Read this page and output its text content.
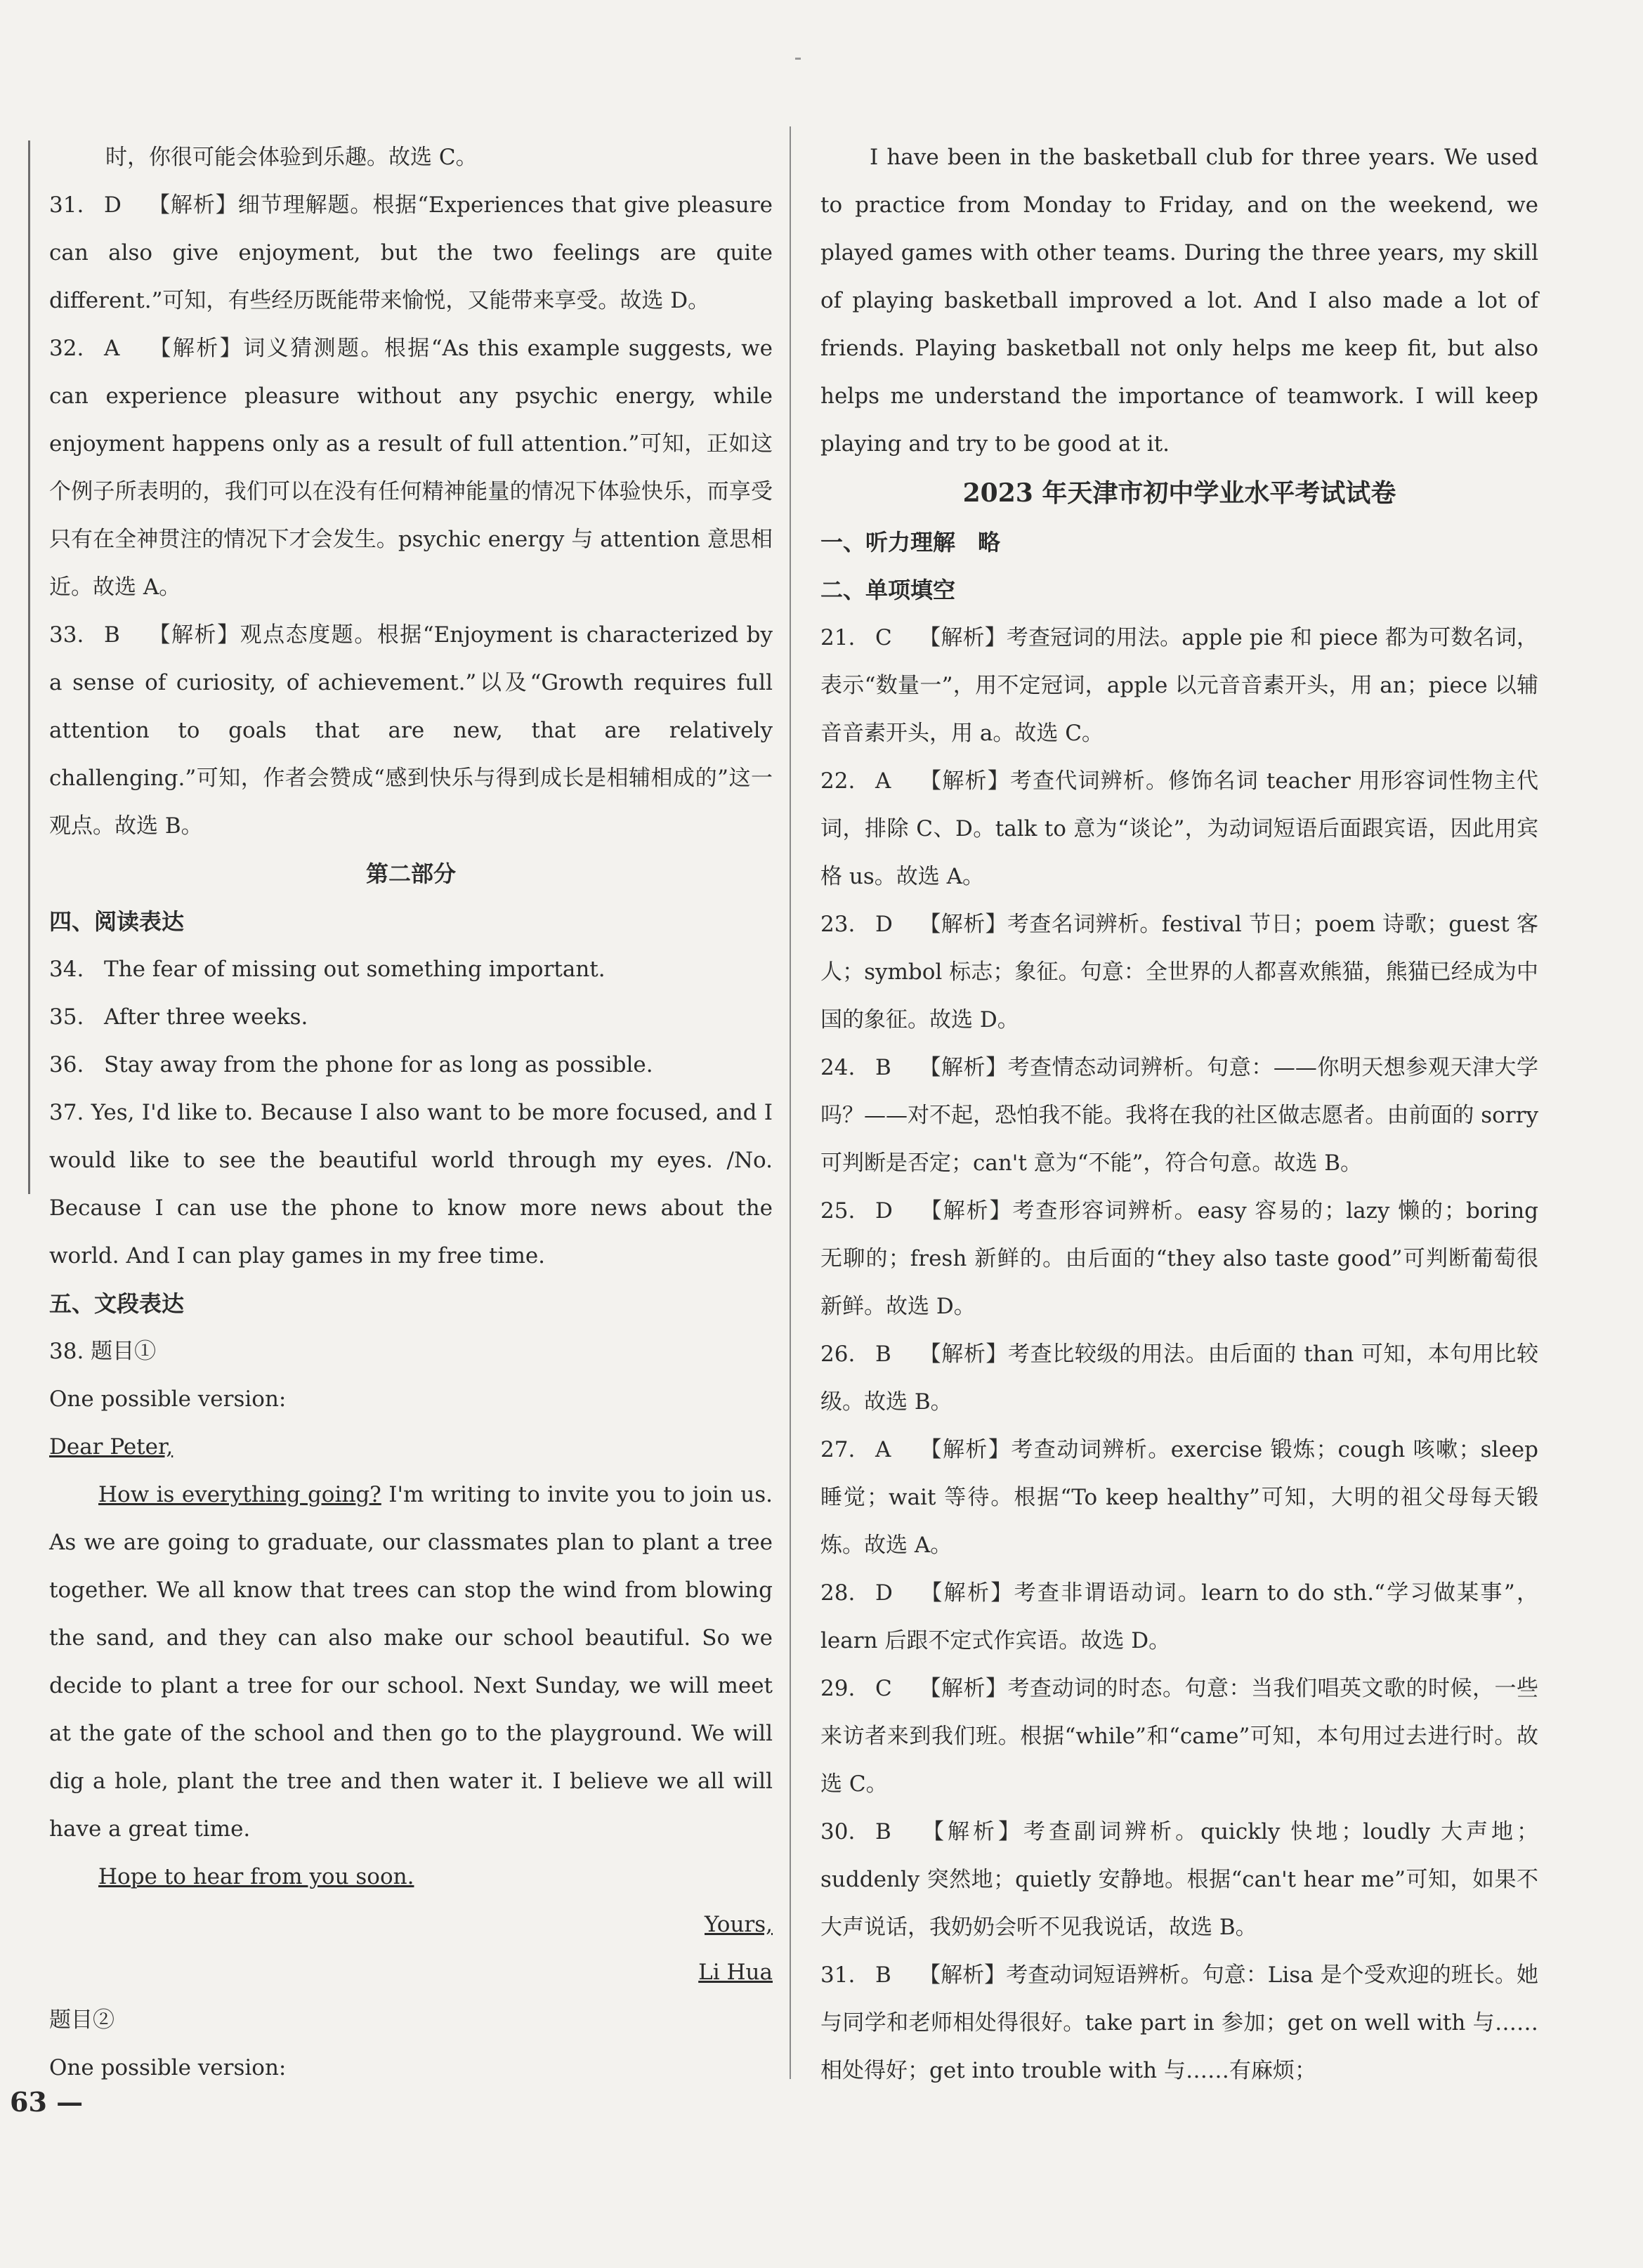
时，你很可能会体验到乐趣。故选 C。

31. D 【解析】细节理解题。根据“Experiences that give pleasure can also give enjoyment, but the two feelings are quite different.”可知，有些经历既能带来愉悦，又能带来享受。故选 D。

32. A 【解析】词义猜测题。根据“As this example suggests, we can experience pleasure without any psychic energy, while enjoyment happens only as a result of full attention.”可知，正如这个例子所表明的，我们可以在没有任何精神能量的情况下体验快乐，而享受只有在全神贯注的情况下才会发生。psychic energy 与 attention 意思相近。故选 A。

33. B 【解析】观点态度题。根据“Enjoyment is characterized by a sense of curiosity, of achievement.”以及“Growth requires full attention to goals that are new, that are relatively challenging.”可知，作者会赞成“感到快乐与得到成长是相辅相成的”这一观点。故选 B。

第二部分

四、阅读表达

34. The fear of missing out something important.

35. After three weeks.

36. Stay away from the phone for as long as possible.

37. Yes, I'd like to. Because I also want to be more focused, and I would like to see the beautiful world through my eyes. /No. Because I can use the phone to know more news about the world. And I can play games in my free time.

五、文段表达

38. 题目①

One possible version:

Dear Peter,

How is everything going? I'm writing to invite you to join us. As we are going to graduate, our classmates plan to plant a tree together. We all know that trees can stop the wind from blowing the sand, and they can also make our school beautiful. So we decide to plant a tree for our school. Next Sunday, we will meet at the gate of the school and then go to the playground. We will dig a hole, plant the tree and then water it. I believe we all will have a great time.

Hope to hear from you soon.

Yours,

Li Hua

题目②

One possible version:

I have been in the basketball club for three years. We used to practice from Monday to Friday, and on the weekend, we played games with other teams. During the three years, my skill of playing basketball improved a lot. And I also made a lot of friends. Playing basketball not only helps me keep fit, but also helps me understand the importance of teamwork. I will keep playing and try to be good at it.

2023 年天津市初中学业水平考试试卷

一、听力理解　略

二、单项填空

21. C 【解析】考查冠词的用法。apple pie 和 piece 都为可数名词，表示“数量一”，用不定冠词，apple 以元音音素开头，用 an；piece 以辅音音素开头，用 a。故选 C。

22. A 【解析】考查代词辨析。修饰名词 teacher 用形容词性物主代词，排除 C、D。talk to 意为“谈论”，为动词短语后面跟宾语，因此用宾格 us。故选 A。

23. D 【解析】考查名词辨析。festival 节日；poem 诗歌；guest 客人；symbol 标志；象征。句意：全世界的人都喜欢熊猫，熊猫已经成为中国的象征。故选 D。

24. B 【解析】考查情态动词辨析。句意：——你明天想参观天津大学吗？——对不起，恐怕我不能。我将在我的社区做志愿者。由前面的 sorry 可判断是否定；can't 意为“不能”，符合句意。故选 B。

25. D 【解析】考查形容词辨析。easy 容易的；lazy 懒的；boring 无聊的；fresh 新鲜的。由后面的“they also taste good”可判断葡萄很新鲜。故选 D。

26. B 【解析】考查比较级的用法。由后面的 than 可知，本句用比较级。故选 B。

27. A 【解析】考查动词辨析。exercise 锻炼；cough 咳嗽；sleep 睡觉；wait 等待。根据“To keep healthy”可知，大明的祖父母每天锻炼。故选 A。

28. D 【解析】考查非谓语动词。learn to do sth.“学习做某事”，learn 后跟不定式作宾语。故选 D。

29. C 【解析】考查动词的时态。句意：当我们唱英文歌的时候，一些来访者来到我们班。根据“while”和“came”可知，本句用过去进行时。故选 C。

30. B 【解析】考查副词辨析。quickly 快地；loudly 大声地；suddenly 突然地；quietly 安静地。根据“can't hear me”可知，如果不大声说话，我奶奶会听不见我说话，故选 B。

31. B 【解析】考查动词短语辨析。句意：Lisa 是个受欢迎的班长。她与同学和老师相处得很好。take part in 参加；get on well with 与……相处得好；get into trouble with 与……有麻烦；

63 —
